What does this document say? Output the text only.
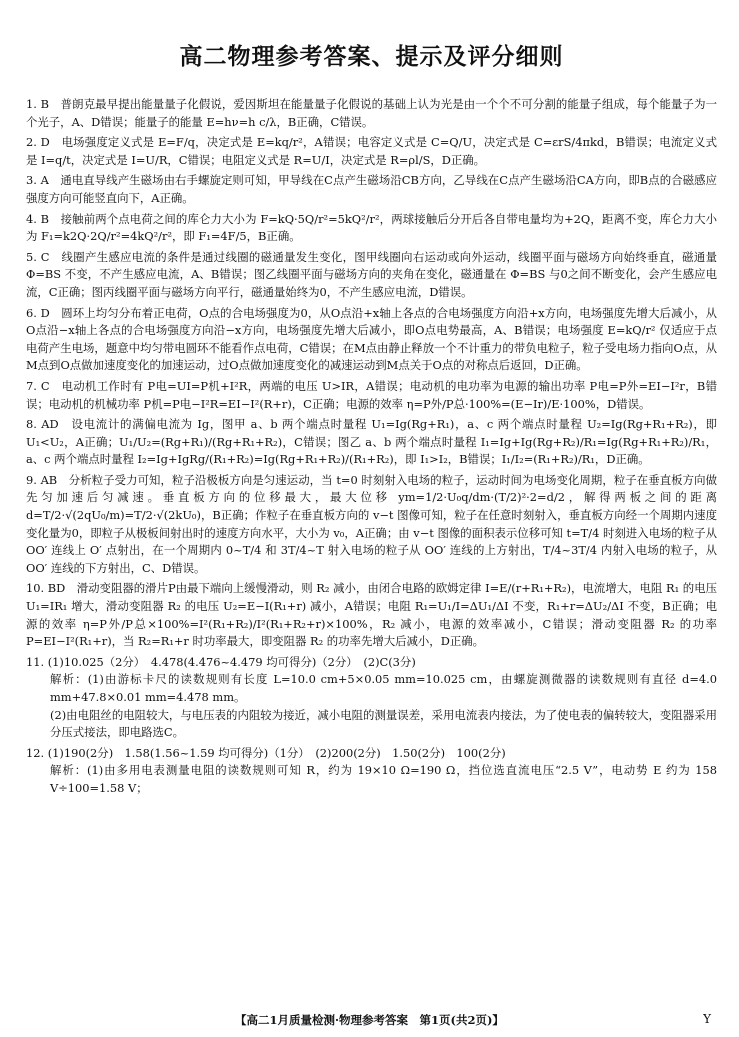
高二物理参考答案、提示及评分细则

1. B　普朗克最早提出能量量子化假说，爱因斯坦在能量量子化假说的基础上认为光是由一个个不可分割的能量子组成，每个能量子为一个光子，A、D错误；能量子的能量 E=hν=h c/λ，B正确，C错误。

2. D　电场强度定义式是 E=F/q，决定式是 E=kq/r²，A错误；电容定义式是 C=Q/U，决定式是 C=εrS/4πkd，B错误；电流定义式是 I=q/t，决定式是 I=U/R，C错误；电阻定义式是 R=U/I，决定式是 R=ρl/S，D正确。

3. A　通电直导线产生磁场由右手螺旋定则可知，甲导线在C点产生磁场沿CB方向，乙导线在C点产生磁场沿CA方向，即B点的合磁感应强度方向可能竖直向下，A正确。

4. B　接触前两个点电荷之间的库仑力大小为 F=kQ·5Q/r²=5kQ²/r²，两球接触后分开后各自带电量均为+2Q，距离不变，库仑力大小为 F₁=k2Q·2Q/r²=4kQ²/r²，即 F₁=4F/5，B正确。

5. C　线圈产生感应电流的条件是通过线圈的磁通量发生变化，图甲线圈向右运动或向外运动，线圈平面与磁场方向始终垂直，磁通量 Φ=BS 不变，不产生感应电流，A、B错误；图乙线圈平面与磁场方向的夹角在变化，磁通量在 Φ=BS 与0之间不断变化，会产生感应电流，C正确；图丙线圈平面与磁场方向平行，磁通量始终为0，不产生感应电流，D错误。

6. D　圆环上均匀分布着正电荷，O点的合电场强度为0，从O点沿+x轴上各点的合电场强度方向沿+x方向，电场强度先增大后减小，从O点沿−x轴上各点的合电场强度方向沿−x方向，电场强度先增大后减小，即O点电势最高，A、B错误；电场强度 E=kQ/r² 仅适应于点电荷产生电场，题意中均匀带电圆环不能看作点电荷，C错误；在M点由静止释放一个不计重力的带负电粒子，粒子受电场力指向O点，从M点到O点做加速度变化的加速运动，过O点做加速度变化的减速运动到M点关于O点的对称点后返回，D正确。

7. C　电动机工作时有 P电=UI=P机+I²R，两端的电压 U>IR，A错误；电动机的电功率为电源的输出功率 P电=P外=EI−I²r，B错误；电动机的机械功率 P机=P电−I²R=EI−I²(R+r)，C正确；电源的效率 η=P外/P总·100%=(E−Ir)/E·100%，D错误。

8. AD　设电流计的满偏电流为 Ig，图甲 a、b 两个端点时量程 U₁=Ig(Rg+R₁)，a、c 两个端点时量程 U₂=Ig(Rg+R₁+R₂)，即 U₁<U₂，A正确；U₁/U₂=(Rg+R₁)/(Rg+R₁+R₂)，C错误；图乙 a、b 两个端点时量程 I₁=Ig+Ig(Rg+R₂)/R₁=Ig(Rg+R₁+R₂)/R₁，a、c 两个端点时量程 I₂=Ig+IgRg/(R₁+R₂)=Ig(Rg+R₁+R₂)/(R₁+R₂)，即 I₁>I₂，B错误；I₁/I₂=(R₁+R₂)/R₁，D正确。

9. AB　分析粒子受力可知，粒子沿极板方向是匀速运动，当 t=0 时刻射入电场的粒子，运动时间为电场变化周期，粒子在垂直板方向做先匀加速后匀减速。垂直板方向的位移最大，最大位移 ym=1/2·U₀q/dm·(T/2)²·2=d/2，解得两板之间的距离 d=T/2·√(2qU₀/m)=T/2·√(2kU₀)，B正确；作粒子在垂直板方向的 v−t 图像可知，粒子在任意时刻射入，垂直板方向经一个周期内速度变化量为0，即粒子从极板间射出时的速度方向水平，大小为 v₀，A正确；由 v−t 图像的面积表示位移可知 t=T/4 时刻进入电场的粒子从 OO′ 连线上 O′ 点射出，在一个周期内 0~T/4 和 3T/4~T 射入电场的粒子从 OO′ 连线的上方射出，T/4~3T/4 内射入电场的粒子，从 OO′ 连线的下方射出，C、D错误。

10. BD　滑动变阻器的滑片P由最下端向上缓慢滑动，则 R₂ 减小，由闭合电路的欧姆定律 I=E/(r+R₁+R₂)，电流增大，电阻 R₁ 的电压 U₁=IR₁ 增大，滑动变阻器 R₂ 的电压 U₂=E−I(R₁+r) 减小，A错误；电阻 R₁=U₁/I=ΔU₁/ΔI 不变，R₁+r=ΔU₂/ΔI 不变，B正确；电源的效率 η=P外/P总×100%=I²(R₁+R₂)/I²(R₁+R₂+r)×100%，R₂ 减小，电源的效率减小，C错误；滑动变阻器 R₂ 的功率 P=EI−I²(R₁+r)，当 R₂=R₁+r 时功率最大，即变阻器 R₂ 的功率先增大后减小，D正确。

11. (1)10.025（2分）　4.478(4.476~4.479 均可得分)（2分）　(2)C(3分)

解析：(1)由游标卡尺的读数规则有长度 L=10.0 cm+5×0.05 mm=10.025 cm，由螺旋测微器的读数规则有直径 d=4.0 mm+47.8×0.01 mm=4.478 mm。

(2)由电阻丝的电阻较大，与电压表的内阻较为接近，减小电阻的测量误差，采用电流表内接法，为了使电表的偏转较大，变阻器采用分压式接法，即电路选C。

12. (1)190(2分)　1.58(1.56~1.59 均可得分)（1分）　(2)200(2分)　1.50(2分)　100(2分)

解析：(1)由多用电表测量电阻的读数规则可知 R，约为 19×10 Ω=190 Ω，挡位选直流电压“2.5 V”，电动势 E 约为 158 V÷100=1.58 V；

【高二1月质量检测·物理参考答案　第1页(共2页)】	Y
